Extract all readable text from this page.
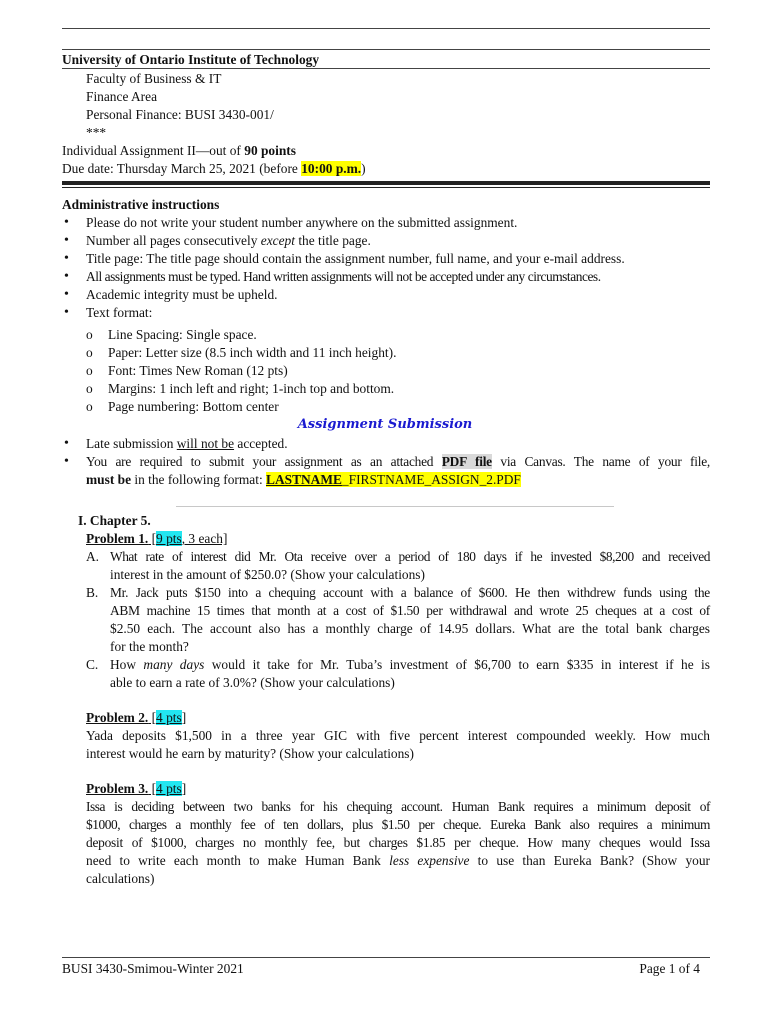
University of Ontario Institute of Technology
Faculty of Business & IT
Finance Area
Personal Finance: BUSI 3430-001/
***
Individual Assignment II—out of 90 points
Due date: Thursday March 25, 2021 (before 10:00 p.m.)
Administrative instructions
• Please do not write your student number anywhere on the submitted assignment.
• Number all pages consecutively except the title page.
• Title page: The title page should contain the assignment number, full name, and your e-mail address.
• All assignments must be typed. Hand written assignments will not be accepted under any circumstances.
• Academic integrity must be upheld.
• Text format:
o Line Spacing: Single space.
o Paper: Letter size (8.5 inch width and 11 inch height).
o Font: Times New Roman (12 pts)
o Margins: 1 inch left and right; 1-inch top and bottom.
o Page numbering: Bottom center
Assignment Submission
• Late submission will not be accepted.
• You are required to submit your assignment as an attached PDF file via Canvas. The name of your file,
must be in the following format: LASTNAME_FIRSTNAME_ASSIGN_2.PDF
I. Chapter 5.
Problem 1. [9 pts, 3 each]
A. What rate of interest did Mr. Ota receive over a period of 180 days if he invested $8,200 and received
interest in the amount of $250.0? (Show your calculations)
B. Mr. Jack puts $150 into a chequing account with a balance of $600. He then withdrew funds using the
ABM machine 15 times that month at a cost of $1.50 per withdrawal and wrote 25 cheques at a cost of
$2.50 each. The account also has a monthly charge of 14.95 dollars. What are the total bank charges
for the month?
C. How many days would it take for Mr. Tuba’s investment of $6,700 to earn $335 in interest if he is
able to earn a rate of 3.0%? (Show your calculations)
Problem 2. [4 pts]
Yada deposits $1,500 in a three year GIC with five percent interest compounded weekly. How much
interest would he earn by maturity? (Show your calculations)
Problem 3. [4 pts]
Issa is deciding between two banks for his chequing account. Human Bank requires a minimum deposit of
$1000, charges a monthly fee of ten dollars, plus $1.50 per cheque. Eureka Bank also requires a minimum
deposit of $1000, charges no monthly fee, but charges $1.85 per cheque. How many cheques would Issa
need to write each month to make Human Bank less expensive to use than Eureka Bank? (Show your
calculations)
BUSI 3430-Smimou-Winter 2021	Page 1 of 4
